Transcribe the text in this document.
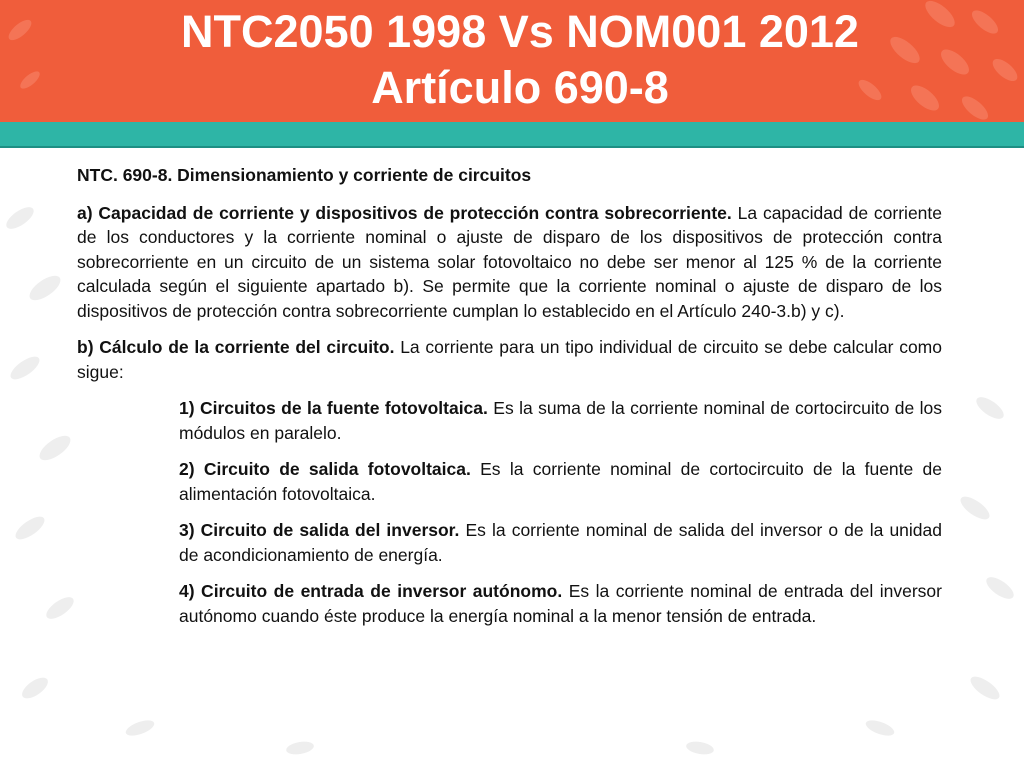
NTC2050 1998 Vs NOM001 2012
Artículo 690-8

NTC. 690-8. Dimensionamiento y corriente de circuitos

a) Capacidad de corriente y dispositivos de protección contra sobrecorriente. La capacidad de corriente de los conductores y la corriente nominal o ajuste de disparo de los dispositivos de protección contra sobrecorriente en un circuito de un sistema solar fotovoltaico no debe ser menor al 125 % de la corriente calculada según el siguiente apartado b). Se permite que la corriente nominal o ajuste de disparo de los dispositivos de protección contra sobrecorriente cumplan lo establecido en el Artículo 240-3.b) y c).

b) Cálculo de la corriente del circuito. La corriente para un tipo individual de circuito se debe calcular como sigue:

1) Circuitos de la fuente fotovoltaica. Es la suma de la corriente nominal de cortocircuito de los módulos en paralelo.

2) Circuito de salida fotovoltaica. Es la corriente nominal de cortocircuito de la fuente de alimentación fotovoltaica.

3) Circuito de salida del inversor. Es la corriente nominal de salida del inversor o de la unidad de acondicionamiento de energía.

4) Circuito de entrada de inversor autónomo. Es la corriente nominal de entrada del inversor autónomo cuando éste produce la energía nominal a la menor tensión de entrada.
